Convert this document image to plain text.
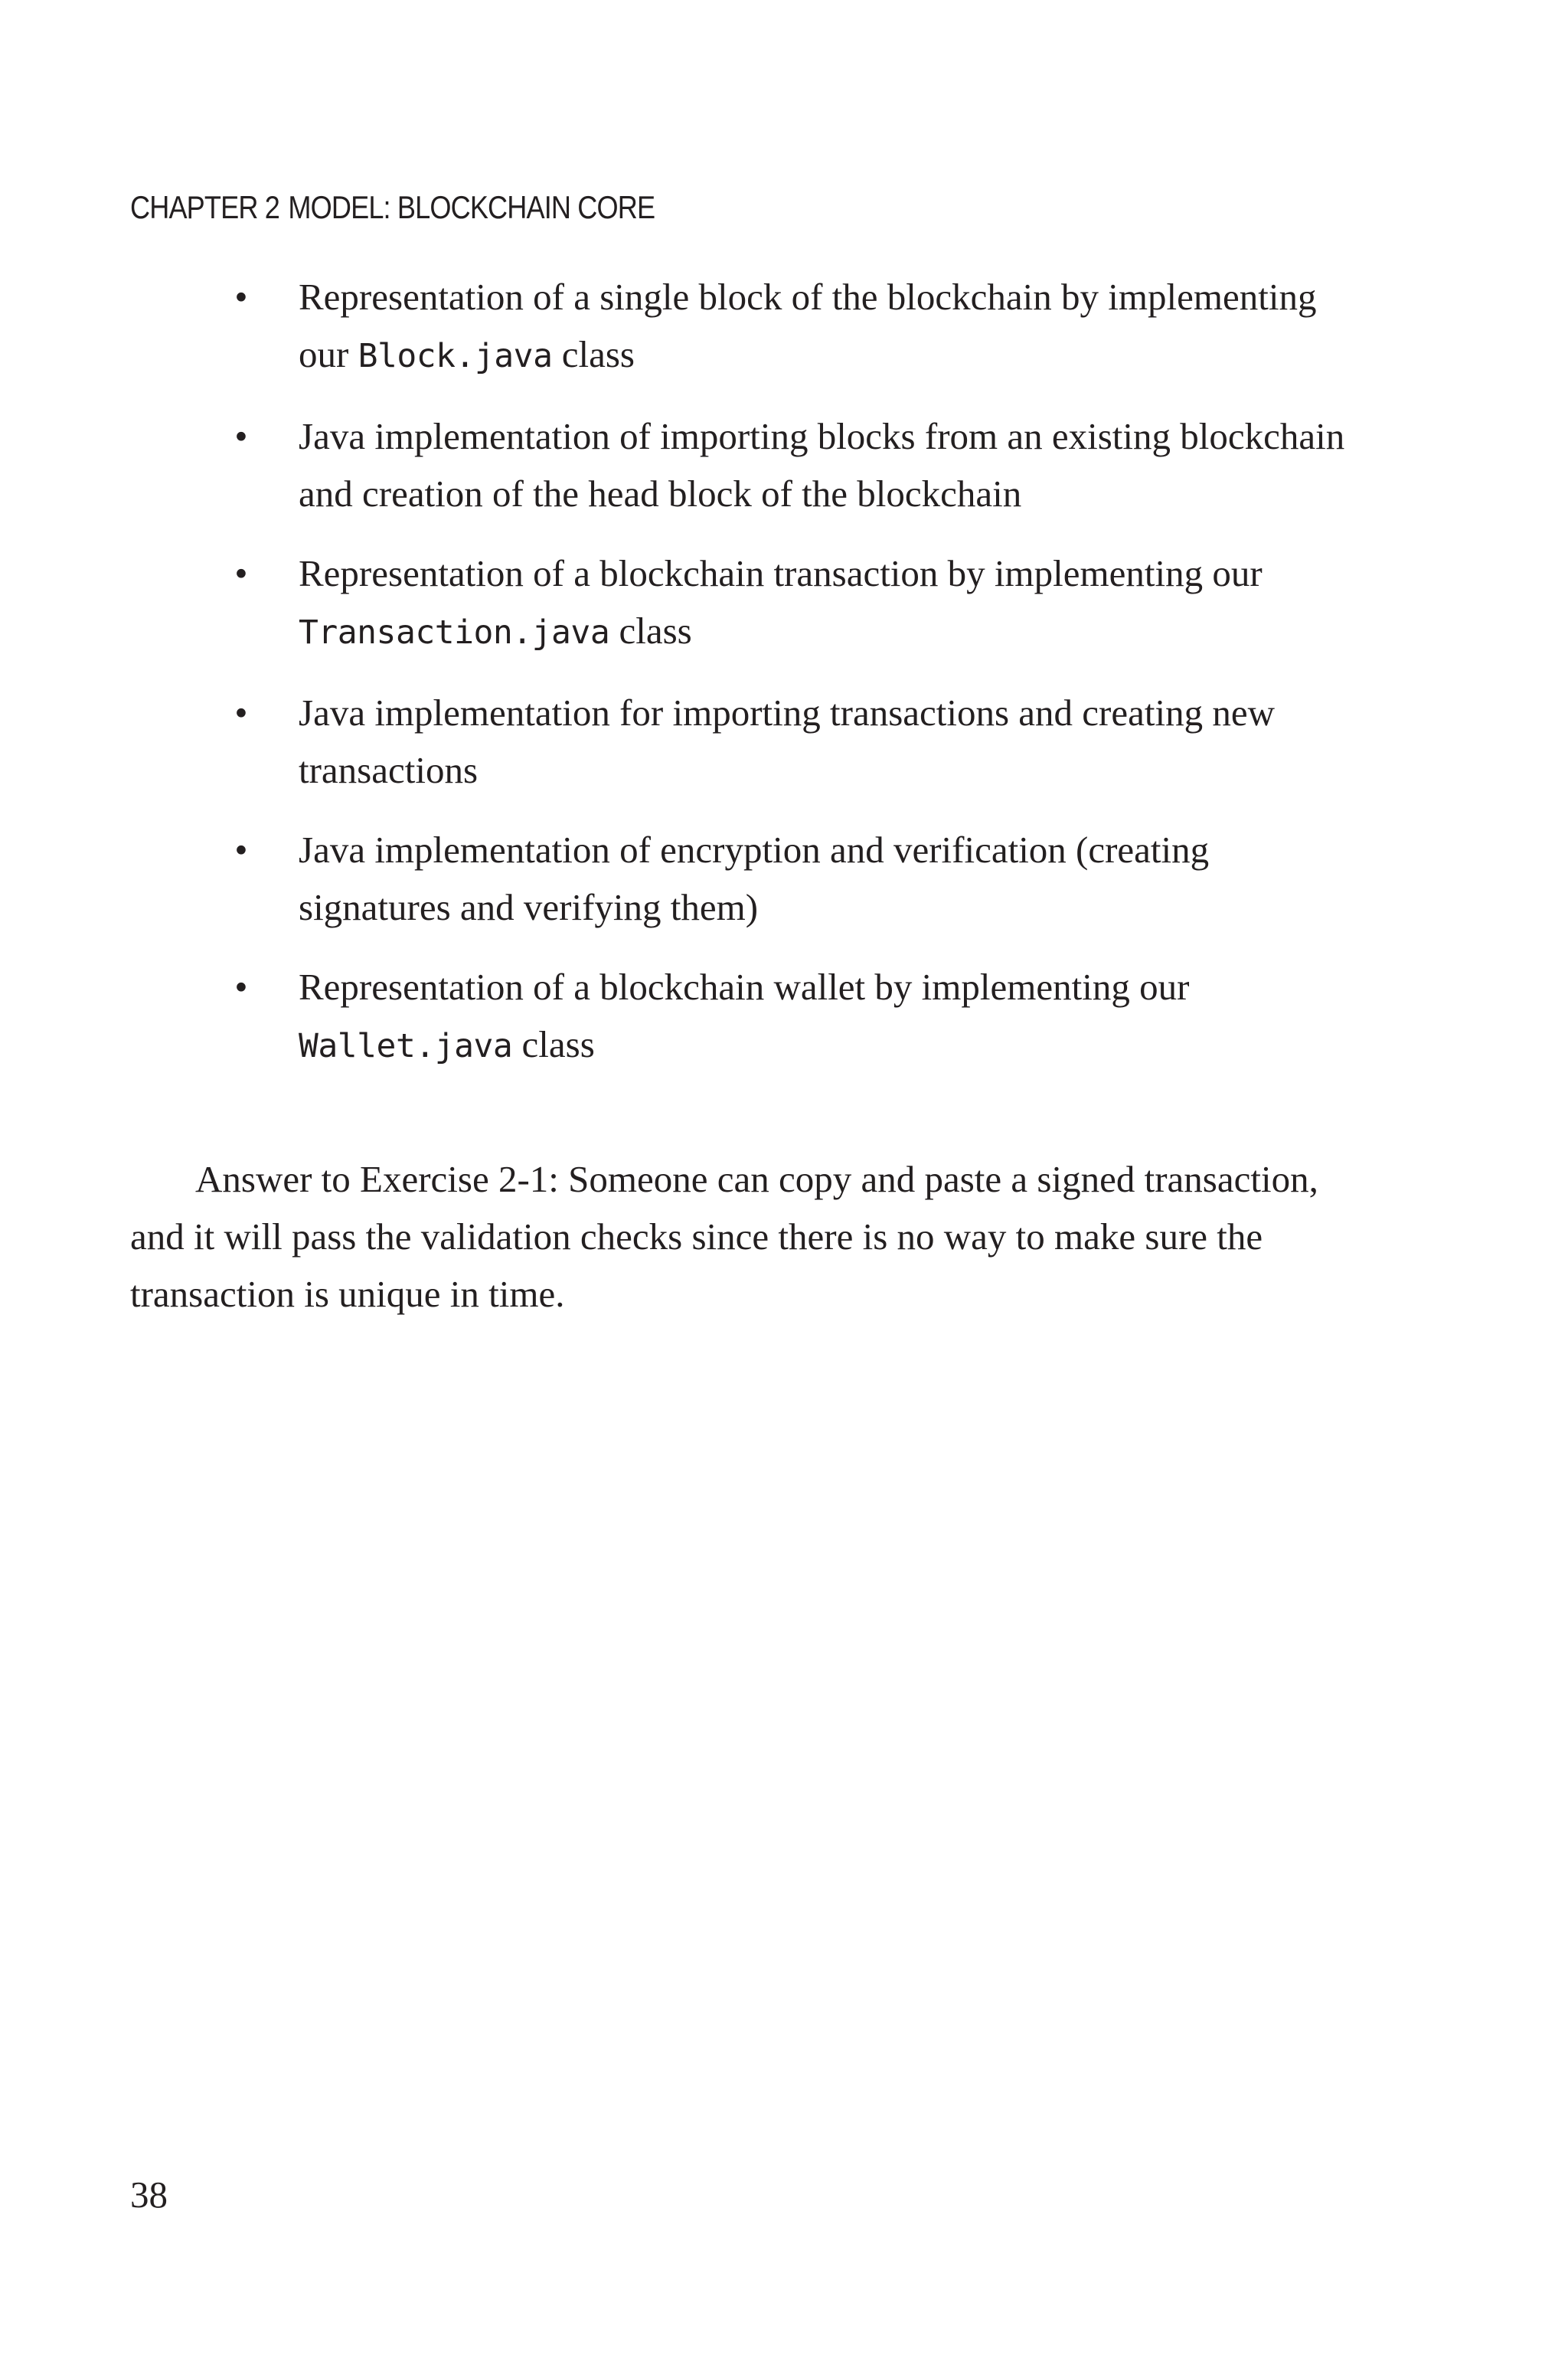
CHAPTER 2 MODEL: BLOCKCHAIN CORE
• Representation of a single block of the blockchain by implementing our Block.java class
• Java implementation of importing blocks from an existing blockchain and creation of the head block of the blockchain
• Representation of a blockchain transaction by implementing our Transaction.java class
• Java implementation for importing transactions and creating new transactions
• Java implementation of encryption and verification (creating signatures and verifying them)
• Representation of a blockchain wallet by implementing our Wallet.java class

Answer to Exercise 2-1: Someone can copy and paste a signed transaction, and it will pass the validation checks since there is no way to make sure the transaction is unique in time.

38
